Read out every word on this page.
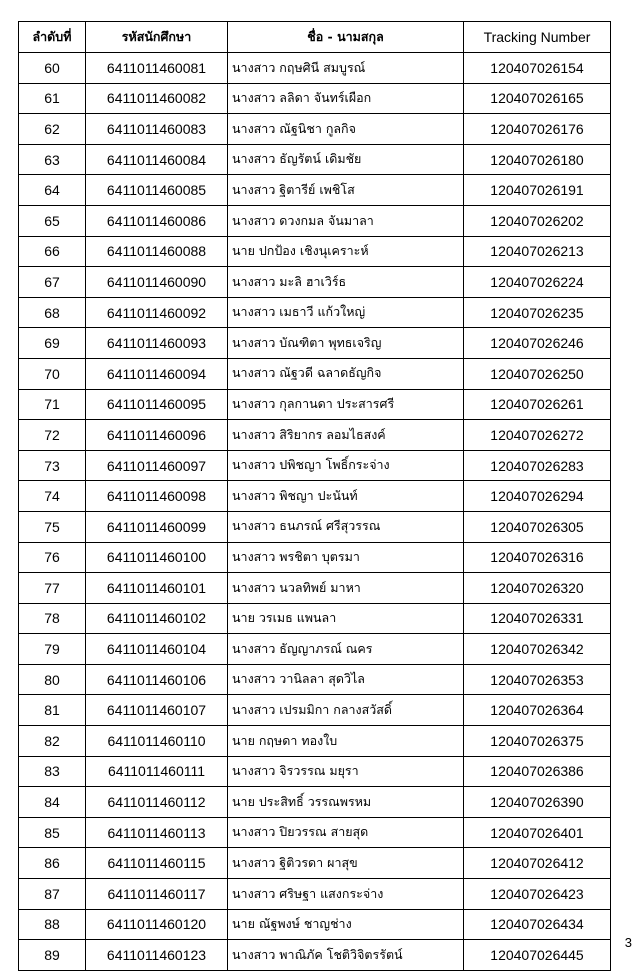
ลำดับที่	รหัสนักศึกษา	ชื่อ - นามสกุล	Tracking Number
60	6411011460081	นางสาว กฤษศินี สมบูรณ์	120407026154
61	6411011460082	นางสาว ลลิดา จันทร์เผือก	120407026165
62	6411011460083	นางสาว ณัฐนิชา กูลกิจ	120407026176
63	6411011460084	นางสาว ธัญรัตน์ เดิมชัย	120407026180
64	6411011460085	นางสาว ฐิตารีย์ เพชิโส	120407026191
65	6411011460086	นางสาว ดวงกมล จันมาลา	120407026202
66	6411011460088	นาย ปกป้อง เชิงนุเคราะห์	120407026213
67	6411011460090	นางสาว มะลิ ฮาเวิร์ธ	120407026224
68	6411011460092	นางสาว เมธาวี แก้วใหญ่	120407026235
69	6411011460093	นางสาว บัณฑิตา พุทธเจริญ	120407026246
70	6411011460094	นางสาว ณัฐวดี ฉลาดธัญกิจ	120407026250
71	6411011460095	นางสาว กุลกานดา ประสารศรี	120407026261
72	6411011460096	นางสาว สิริยากร ลอมไธสงค์	120407026272
73	6411011460097	นางสาว ปพิชญา โพธิ์กระจ่าง	120407026283
74	6411011460098	นางสาว พิชญา ปะนันท์	120407026294
75	6411011460099	นางสาว ธนภรณ์ ศรีสุวรรณ	120407026305
76	6411011460100	นางสาว พรชิตา บุตรมา	120407026316
77	6411011460101	นางสาว นวลทิพย์ มาหา	120407026320
78	6411011460102	นาย วรเมธ แพนลา	120407026331
79	6411011460104	นางสาว ธัญญาภรณ์ ณคร	120407026342
80	6411011460106	นางสาว วานิลลา สุดวิไล	120407026353
81	6411011460107	นางสาว เปรมมิกา กลางสวัสดิ์	120407026364
82	6411011460110	นาย กฤษดา ทองใบ	120407026375
83	6411011460111	นางสาว จิรวรรณ มยุรา	120407026386
84	6411011460112	นาย ประสิทธิ์ วรรณพรหม	120407026390
85	6411011460113	นางสาว ปิยวรรณ สายสุด	120407026401
86	6411011460115	นางสาว ฐิติวรดา ผาสุข	120407026412
87	6411011460117	นางสาว ศริษฐา แสงกระจ่าง	120407026423
88	6411011460120	นาย ณัฐพงษ์ ชาญช่าง	120407026434
89	6411011460123	นางสาว พาณิภัค โชติวิจิตรรัตน์	120407026445
3
